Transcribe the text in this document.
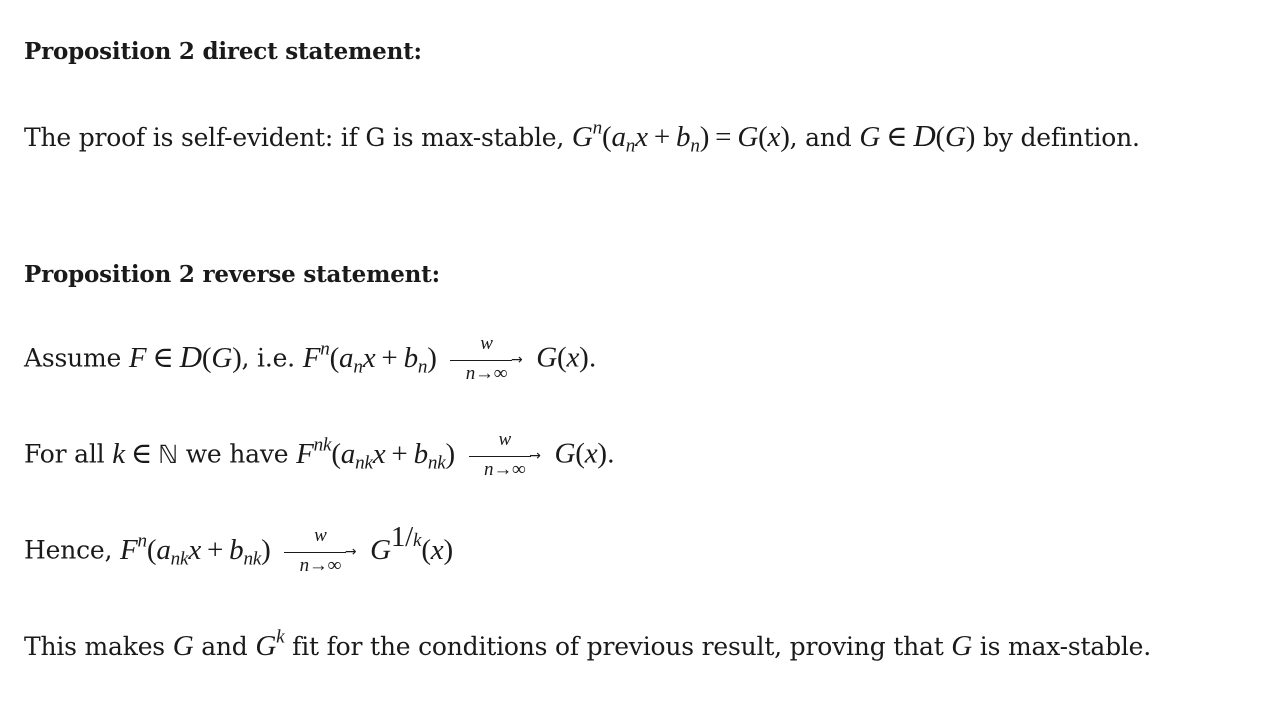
Proposition 2 direct statement:
The proof is self-evident: if G is max-stable, $G^n(a_nx + b_n) = G(x)$, and G ∈ D(G) by defintion.
Proposition 2 reverse statement:
Assume F ∈ D(G), i.e. $F^n(a_nx + b_n)$	w
→
n→∞	G(x).
For all k ∈ ℕ we have $F^{nk}(a_{nk}x + b_{nk})$	w
→
n→∞	G(x).
Hence, $F^n(a_{nk}x + b_{nk})$	w
→
n→∞	$G^{1/k}(x)$
This makes G and $G^k$ fit for the conditions of previous result, proving that G is max-stable.
